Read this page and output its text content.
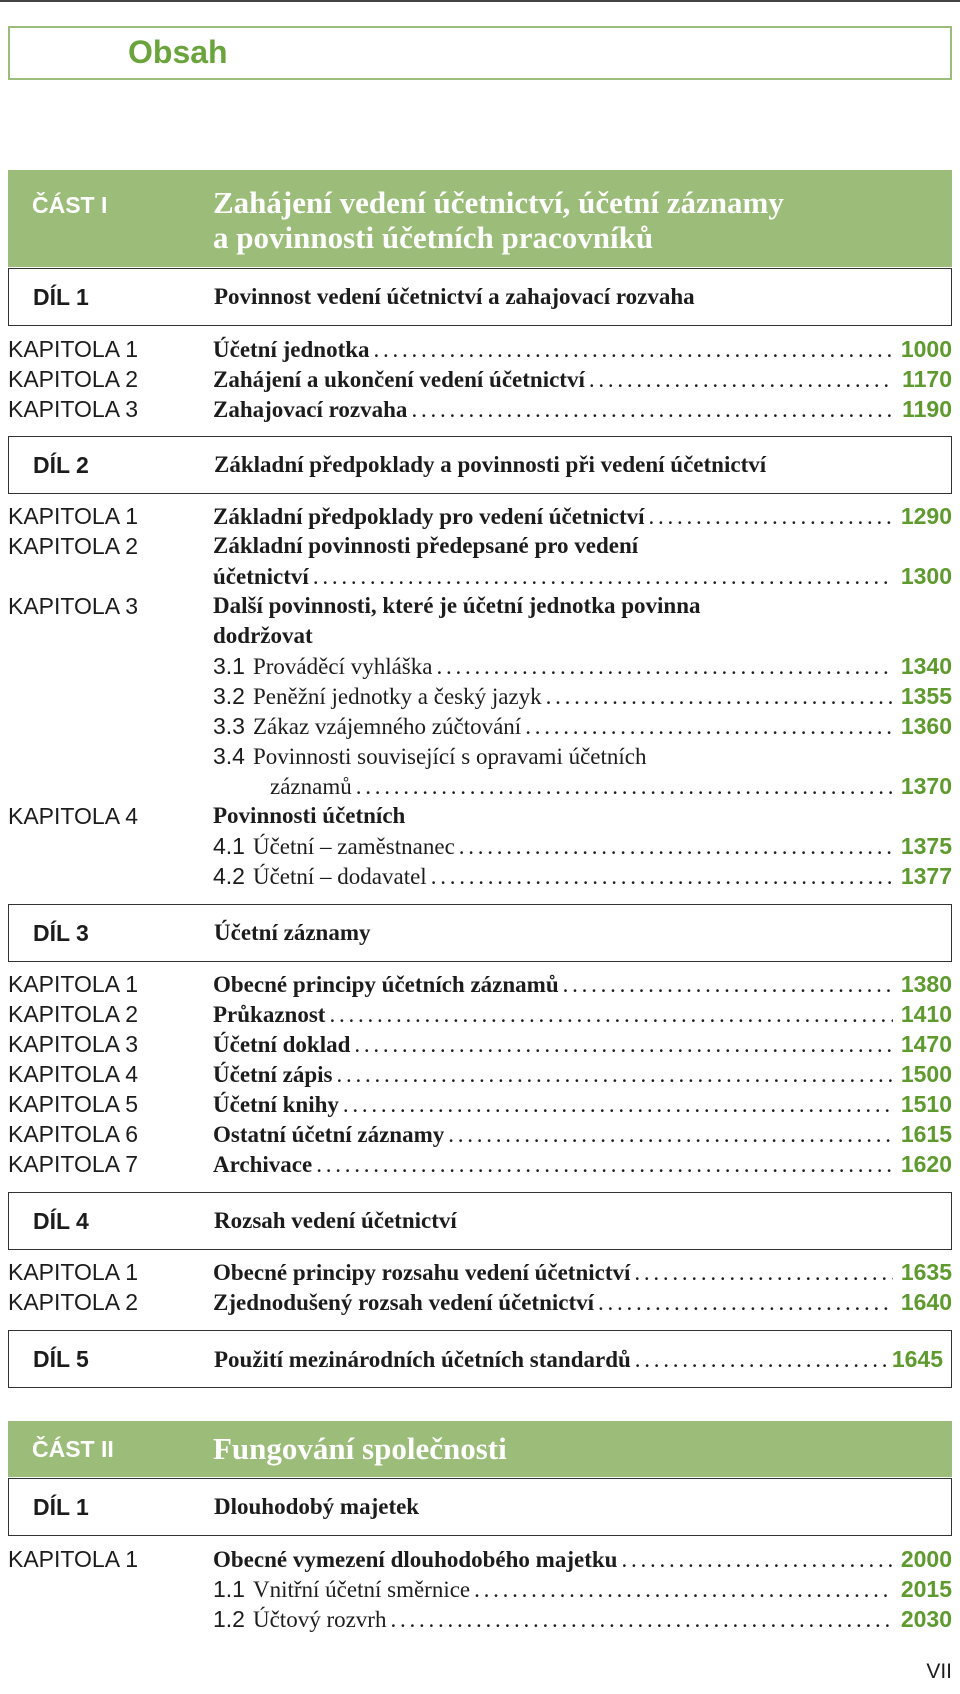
Obsah
ČÁST I	Zahájení vedení účetnictví, účetní záznamy
a povinnosti účetních pracovníků
DÍL 1	Povinnost vedení účetnictví a zahajovací rozvaha
KAPITOLA 1	Účetní jednotka . . .	1000
KAPITOLA 2	Zahájení a ukončení vedení účetnictví . . .	1170
KAPITOLA 3	Zahajovací rozvaha . . .	1190
DÍL 2	Základní předpoklady a povinnosti při vedení účetnictví
KAPITOLA 1	Základní předpoklady pro vedení účetnictví . . .	1290
KAPITOLA 2	Základní povinnosti předepsané pro vedení
účetnictví . . .	1300
KAPITOLA 3	Další povinnosti, které je účetní jednotka povinna
dodržovat
3.1 Prováděcí vyhláška . . .	1340
3.2 Peněžní jednotky a český jazyk . . .	1355
3.3 Zákaz vzájemného zúčtování . . .	1360
3.4 Povinnosti související s opravami účetních
záznamů . . .	1370
KAPITOLA 4	Povinnosti účetních
4.1 Účetní – zaměstnanec . . .	1375
4.2 Účetní – dodavatel . . .	1377
DÍL 3	Účetní záznamy
KAPITOLA 1	Obecné principy účetních záznamů . . .	1380
KAPITOLA 2	Průkaznost . . .	1410
KAPITOLA 3	Účetní doklad . . .	1470
KAPITOLA 4	Účetní zápis . . .	1500
KAPITOLA 5	Účetní knihy . . .	1510
KAPITOLA 6	Ostatní účetní záznamy . . .	1615
KAPITOLA 7	Archivace . . .	1620
DÍL 4	Rozsah vedení účetnictví
KAPITOLA 1	Obecné principy rozsahu vedení účetnictví . . .	1635
KAPITOLA 2	Zjednodušený rozsah vedení účetnictví . . .	1640
DÍL 5	Použití mezinárodních účetních standardů . . .	1645
ČÁST II	Fungování společnosti
DÍL 1	Dlouhodobý majetek
KAPITOLA 1	Obecné vymezení dlouhodobého majetku . . .	2000
1.1 Vnitřní účetní směrnice . . .	2015
1.2 Účtový rozvrh . . .	2030
VII
